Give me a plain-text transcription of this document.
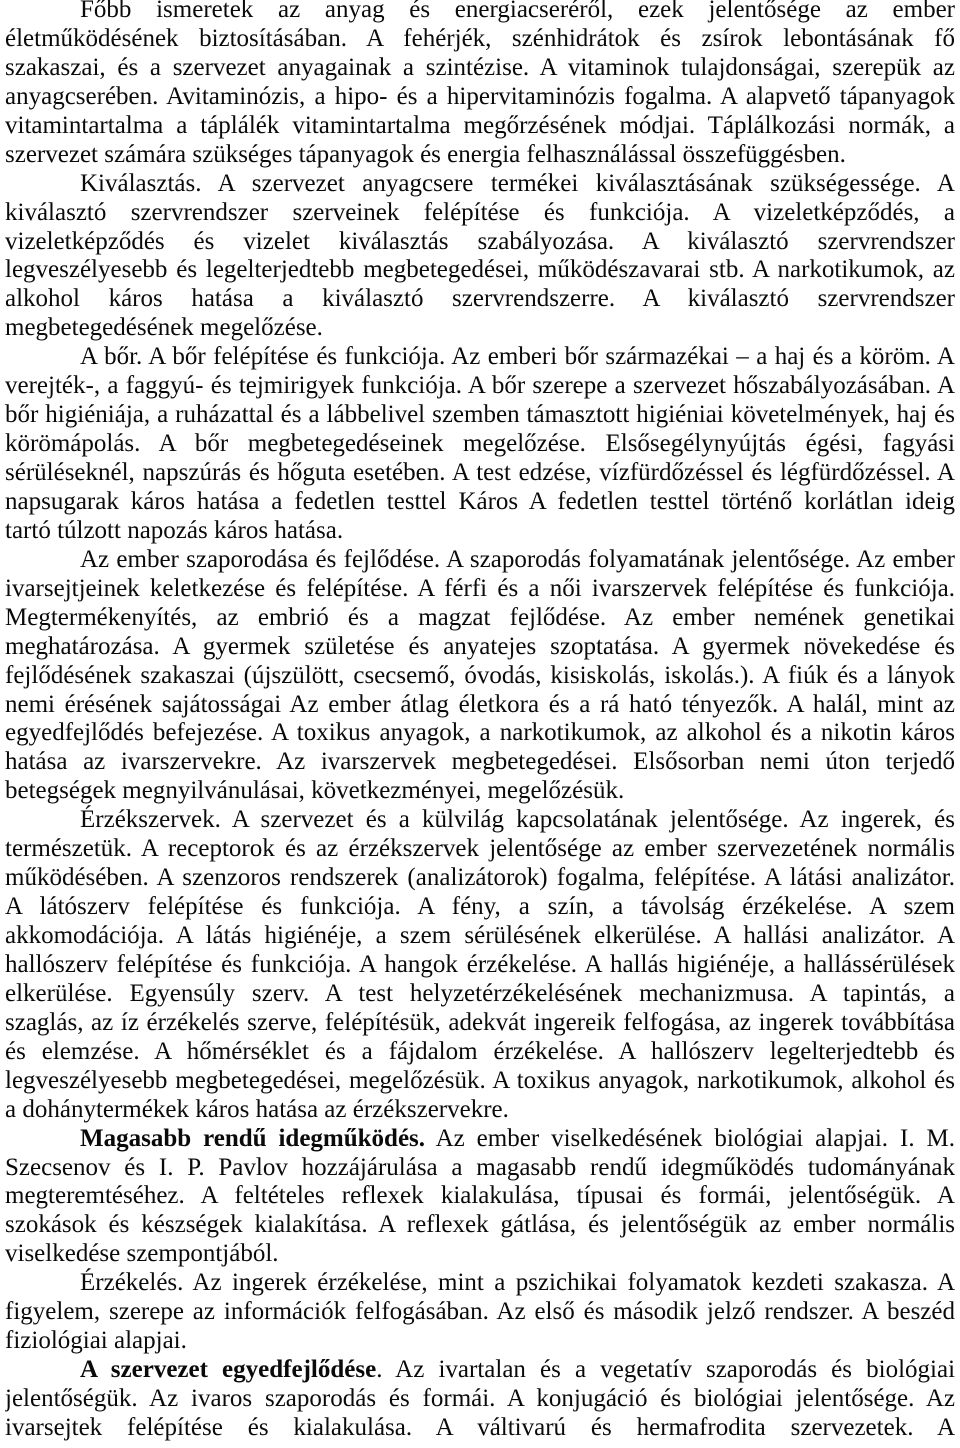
Főbb ismeretek az anyag és energiacseréről, ezek jelentősége az ember
életműködésének biztosításában. A fehérjék, szénhidrátok és zsírok lebontásának fő
szakaszai, és a szervezet anyagainak a szintézise. A vitaminok tulajdonságai, szerepük az
anyagcserében. Avitaminózis, a hipo- és a hipervitaminózis fogalma. A alapvető tápanyagok
vitamintartalma a táplálék vitamintartalma megőrzésének módjai. Táplálkozási normák, a
szervezet számára szükséges tápanyagok és energia felhasználással összefüggésben.
Kiválasztás. A szervezet anyagcsere termékei kiválasztásának szükségessége. A
kiválasztó szervrendszer szerveinek felépítése és funkciója. A vizeletképződés, a
vizeletképződés és vizelet kiválasztás szabályozása. A kiválasztó szervrendszer
legveszélyesebb és legelterjedtebb megbetegedései, működészavarai stb. A narkotikumok, az
alkohol káros hatása a kiválasztó szervrendszerre. A kiválasztó szervrendszer
megbetegedésének megelőzése.
A bőr. A bőr felépítése és funkciója. Az emberi bőr származékai – a haj és a köröm. A
verejték-, a faggyú- és tejmirigyek funkciója. A bőr szerepe a szervezet hőszabályozásában. A
bőr higiéniája, a ruházattal és a lábbelivel szemben támasztott higiéniai követelmények, haj és
körömápolás. A bőr megbetegedéseinek megelőzése. Elsősegélynyújtás égési, fagyási
sérüléseknél, napszúrás és hőguta esetében. A test edzése, vízfürdőzéssel és légfürdőzéssel. A
napsugarak káros hatása a fedetlen testtel Káros A fedetlen testtel történő korlátlan ideig
tartó túlzott napozás káros hatása.
Az ember szaporodása és fejlődése. A szaporodás folyamatának jelentősége. Az ember
ivarsejtjeinek keletkezése és felépítése. A férfi és a női ivarszervek felépítése és funkciója.
Megtermékenyítés, az embrió és a magzat fejlődése. Az ember nemének genetikai
meghatározása. A gyermek születése és anyatejes szoptatása. A gyermek növekedése és
fejlődésének szakaszai (újszülött, csecsemő, óvodás, kisiskolás, iskolás.). A fiúk és a lányok
nemi érésének sajátosságai Az ember átlag életkora és a rá ható tényezők. A halál, mint az
egyedfejlődés befejezése. A toxikus anyagok, a narkotikumok, az alkohol és a nikotin káros
hatása az ivarszervekre. Az ivarszervek megbetegedései. Elsősorban nemi úton terjedő
betegségek megnyilvánulásai, következményei, megelőzésük.
Érzékszervek. A szervezet és a külvilág kapcsolatának jelentősége. Az ingerek, és
természetük. A receptorok és az érzékszervek jelentősége az ember szervezetének normális
működésében. A szenzoros rendszerek (analizátorok) fogalma, felépítése. A látási analizátor.
A látószerv felépítése és funkciója. A fény, a szín, a távolság érzékelése. A szem
akkomodációja. A látás higiénéje, a szem sérülésének elkerülése. A hallási analizátor. A
hallószerv felépítése és funkciója. A hangok érzékelése. A hallás higiénéje, a hallássérülések
elkerülése. Egyensúly szerv. A test helyzetérzékelésének mechanizmusa. A tapintás, a
szaglás, az íz érzékelés szerve, felépítésük, adekvát ingereik felfogása, az ingerek továbbítása
és elemzése. A hőmérséklet és a fájdalom érzékelése. A hallószerv legelterjedtebb és
legveszélyesebb megbetegedései, megelőzésük. A toxikus anyagok, narkotikumok, alkohol és
a dohánytermékek káros hatása az érzékszervekre.
Magasabb rendű idegműködés. Az ember viselkedésének biológiai alapjai. I. M.
Szecsenov és I. P. Pavlov hozzájárulása a magasabb rendű idegműködés tudományának
megteremtéséhez. A feltételes reflexek kialakulása, típusai és formái, jelentőségük. A
szokások és készségek kialakítása. A reflexek gátlása, és jelentőségük az ember normális
viselkedése szempontjából.
Érzékelés. Az ingerek érzékelése, mint a pszichikai folyamatok kezdeti szakasza. A
figyelem, szerepe az információk felfogásában. Az első és második jelző rendszer. A beszéd
fiziológiai alapjai.
A szervezet egyedfejlődése. Az ivartalan és a vegetatív szaporodás és biológiai
jelentőségük. Az ivaros szaporodás és formái. A konjugáció és biológiai jelentősége. Az
ivarsejtek felépítése és kialakulása. A váltivarú és hermafrodita szervezetek. A
